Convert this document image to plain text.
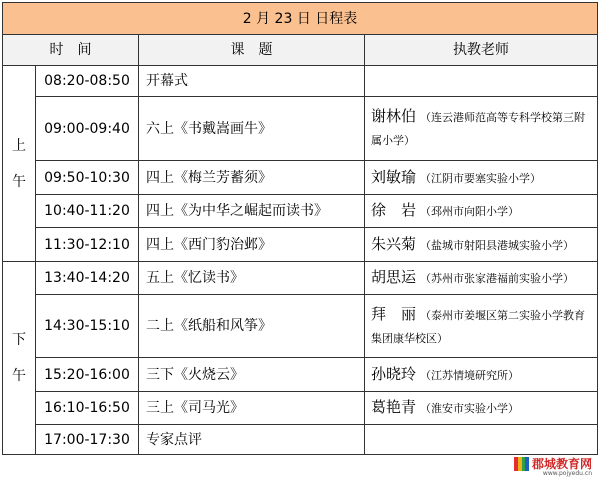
2 月 23 日 日程表			
时　间		课　题	执教老师
上

午	08:20-08:50	开幕式	
	09:00-09:40	六上《书戴嵩画牛》	谢林伯 （连云港师范高等专科学校第三附属小学）
	09:50-10:30	四上《梅兰芳蓄须》	刘敏瑜 （江阴市要塞实验小学）
	10:40-11:20	四上《为中华之崛起而读书》	徐　岩 （邳州市向阳小学）
	11:30-12:10	四上《西门豹治邺》	朱兴菊 （盐城市射阳县港城实验小学）
下

午	13:40-14:20	五上《忆读书》	胡思运 （苏州市张家港福前实验小学）
	14:30-15:10	二上《纸船和风筝》	拜　丽 （泰州市姜堰区第二实验小学教育集团康华校区）
	15:20-16:00	三下《火烧云》	孙晓玲 （江苏情境研究所）
	16:10-16:50	三上《司马光》	葛艳青 （淮安市实验小学）
	17:00-17:30	专家点评	
郡城教育网
www.pojyedu.cn
